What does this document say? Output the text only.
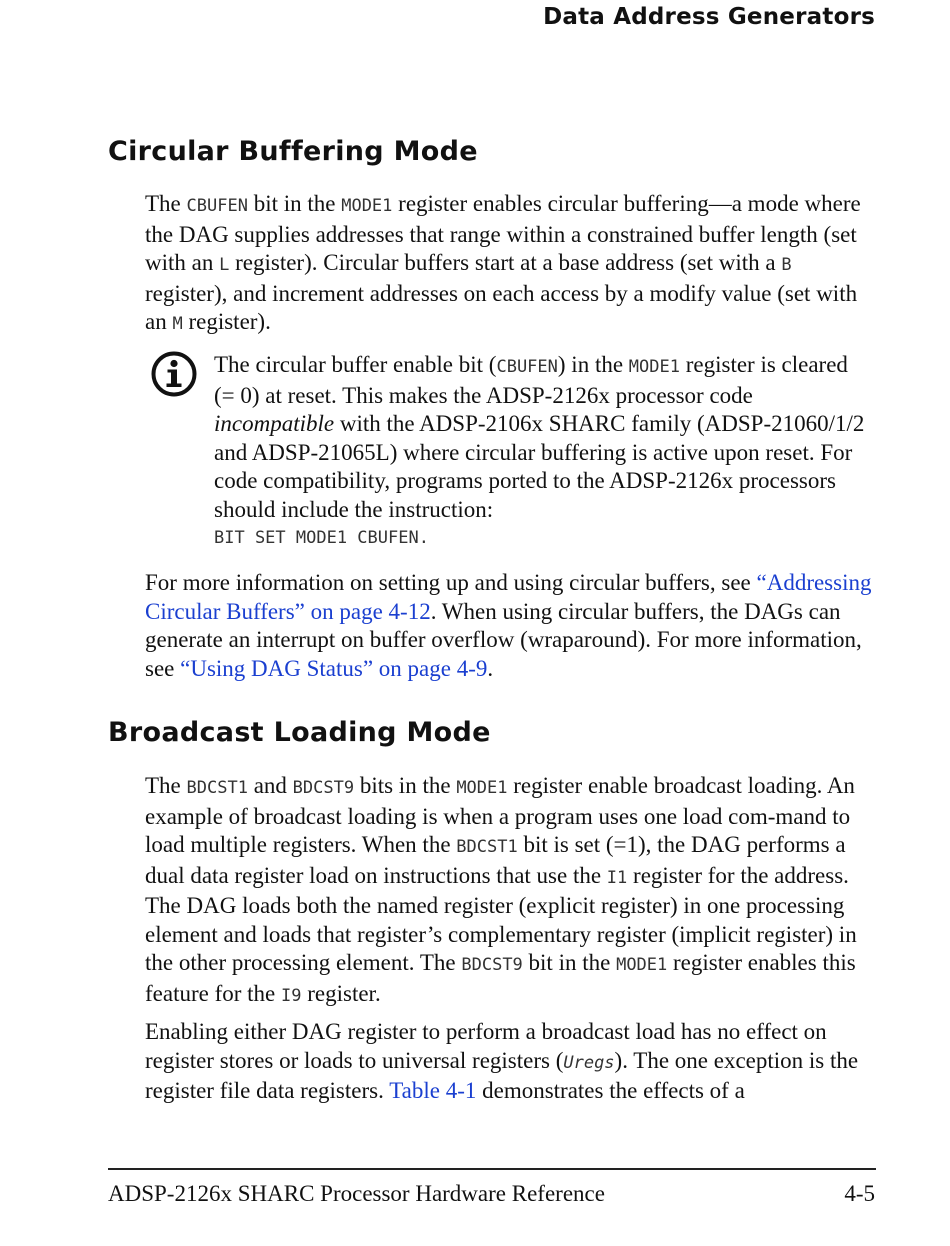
Data Address Generators
Circular Buffering Mode

The CBUFEN bit in the MODE1 register enables circular buffering—a mode where the DAG supplies addresses that range within a constrained buffer length (set with an L register). Circular buffers start at a base address (set with a B register), and increment addresses on each access by a modify value (set with an M register).

The circular buffer enable bit (CBUFEN) in the MODE1 register is cleared (= 0) at reset. This makes the ADSP-2126x processor code incompatible with the ADSP-2106x SHARC family (ADSP-21060/1/2 and ADSP-21065L) where circular buffering is active upon reset. For code compatibility, programs ported to the ADSP-2126x processors should include the instruction:
BIT SET MODE1 CBUFEN.

For more information on setting up and using circular buffers, see “Addressing Circular Buffers” on page 4-12. When using circular buffers, the DAGs can generate an interrupt on buffer overflow (wraparound). For more information, see “Using DAG Status” on page 4-9.

Broadcast Loading Mode

The BDCST1 and BDCST9 bits in the MODE1 register enable broadcast loading. An example of broadcast loading is when a program uses one load com-mand to load multiple registers. When the BDCST1 bit is set (=1), the DAG performs a dual data register load on instructions that use the I1 register for the address. The DAG loads both the named register (explicit register) in one processing element and loads that register’s complementary register (implicit register) in the other processing element. The BDCST9 bit in the MODE1 register enables this feature for the I9 register.

Enabling either DAG register to perform a broadcast load has no effect on register stores or loads to universal registers (Uregs). The one exception is the register file data registers. Table 4-1 demonstrates the effects of a

ADSP-2126x SHARC Processor Hardware Reference	4-5
